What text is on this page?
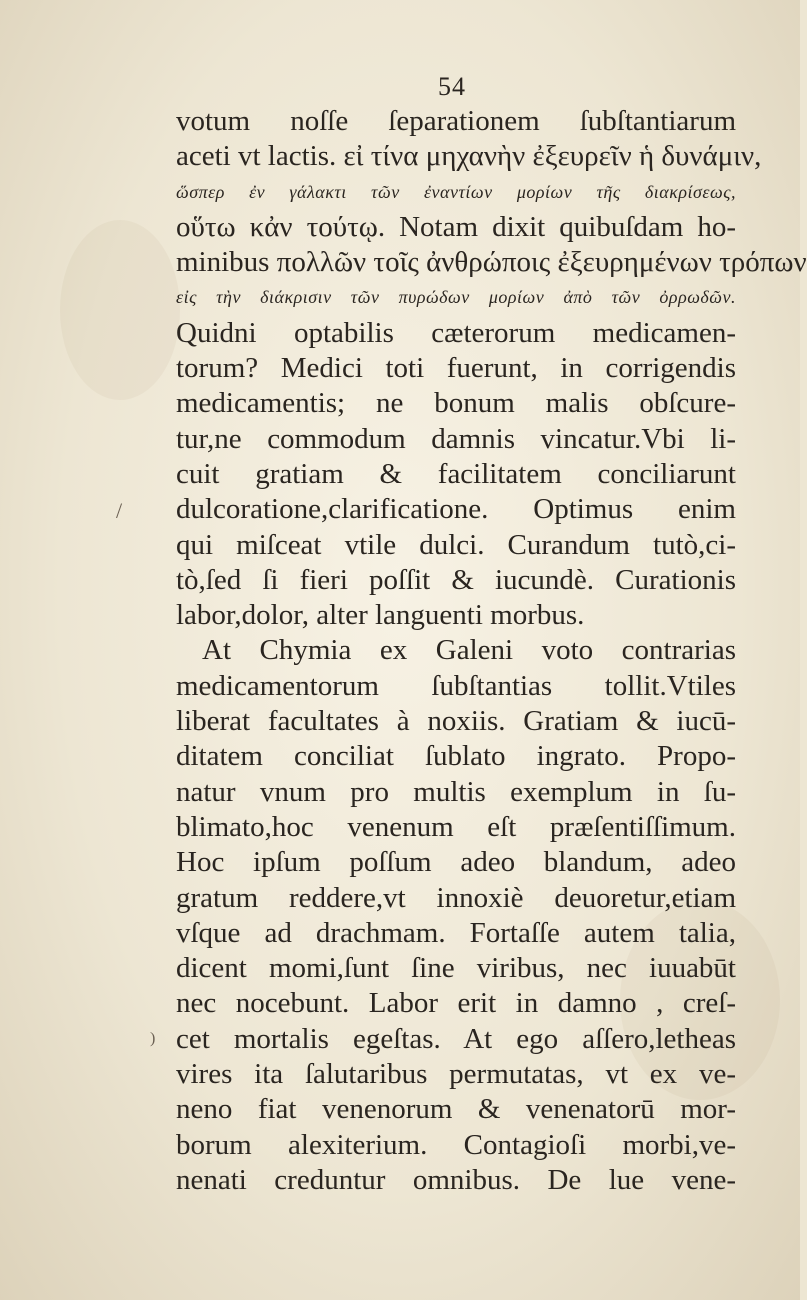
54
/
)
votum noſſe ſeparationem ſubſtantiarum
aceti vt lactis. εἰ τίνα μηχανὴν ἐξευρεῖν ἡ δυνάμιν,
ὥσπερ ἐν γάλακτι τῶν ἐναντίων μορίων τῆς διακρίσεως,
οὕτω κἀν τούτῳ. Notam dixit quibuſdam ho-
minibus πολλῶν τοῖς ἀνθρώποις ἐξευρημένων τρόπων
εἰς τὴν διάκρισιν τῶν πυρώδων μορίων ἀπὸ τῶν ὀρρωδῶν.
Quidni optabilis cæterorum medicamen-
torum? Medici toti fuerunt, in corrigendis
medicamentis; ne bonum malis obſcure-
tur,ne commodum damnis vincatur.Vbi li-
cuit gratiam & facilitatem conciliarunt
dulcoratione,clarificatione. Optimus enim
qui miſceat vtile dulci. Curandum tutò,ci-
tò,ſed ſi fieri poſſit & iucundè. Curationis
labor,dolor, alter languenti morbus.
At Chymia ex Galeni voto contrarias
medicamentorum ſubſtantias tollit.Vtiles
liberat facultates à noxiis. Gratiam & iucū-
ditatem conciliat ſublato ingrato. Propo-
natur vnum pro multis exemplum in ſu-
blimato,hoc venenum eſt præſentiſſimum.
Hoc ipſum poſſum adeo blandum, adeo
gratum reddere,vt innoxiè deuoretur,etiam
vſque ad drachmam. Fortaſſe autem talia,
dicent momi,ſunt ſine viribus, nec iuuabūt
nec nocebunt. Labor erit in damno , creſ-
cet mortalis egeſtas. At ego aſſero,letheas
vires ita ſalutaribus permutatas, vt ex ve-
neno fiat venenorum & venenatorū mor-
borum alexiterium. Contagioſi morbi,ve-
nenati creduntur omnibus. De lue vene-
